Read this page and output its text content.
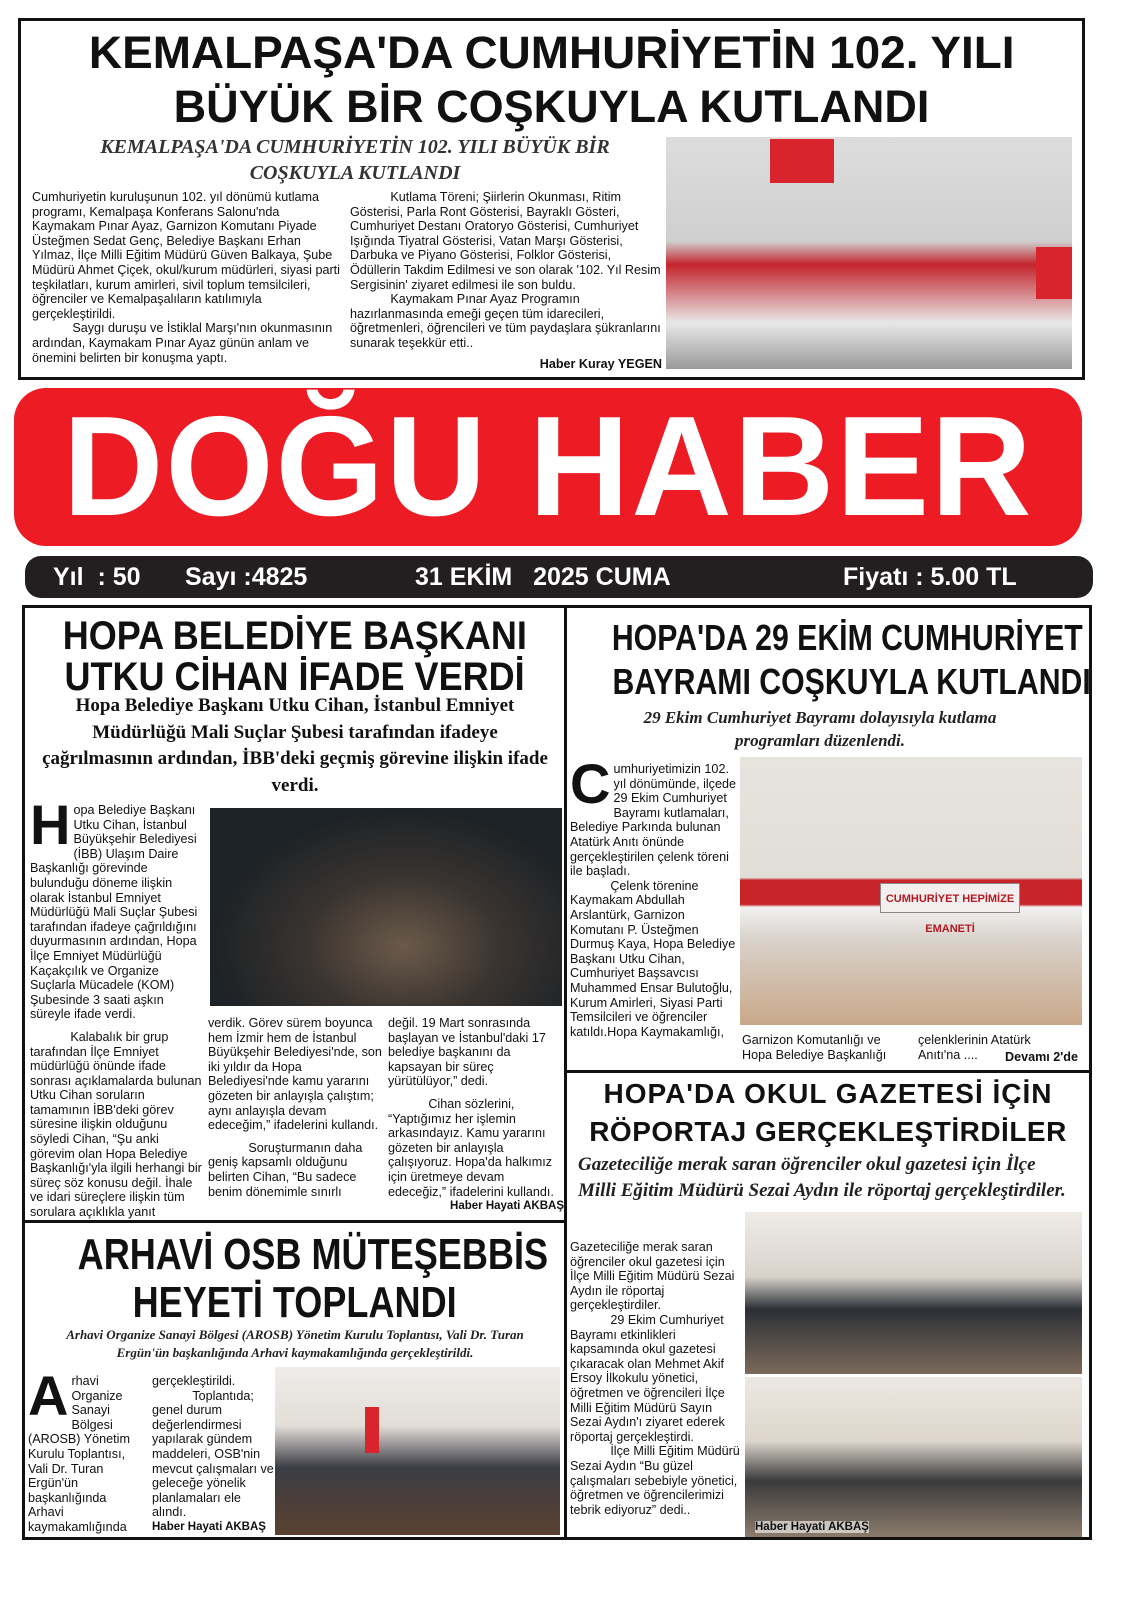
KEMALPAŞA'DA CUMHURİYETİN 102. YILI
BÜYÜK BİR COŞKUYLA KUTLANDI
KEMALPAŞA'DA CUMHURİYETİN 102. YILI BÜYÜK BİR COŞKUYLA KUTLANDI

Cumhuriyetin kuruluşunun 102. yıl dönümü kutlama programı, Kemalpaşa Konferans Salonu'nda Kaymakam Pınar Ayaz, Garnizon Komutanı Piyade Üsteğmen Sedat Genç, Belediye Başkanı Erhan Yılmaz, İlçe Milli Eğitim Müdürü Güven Balkaya, Şube Müdürü Ahmet Çiçek, okul/kurum müdürleri, siyasi parti teşkilatları, kurum amirleri, sivil toplum temsilcileri, öğrenciler ve Kemalpaşalıların katılımıyla gerçekleştirildi.

Saygı duruşu ve İstiklal Marşı'nın okunmasının ardından, Kaymakam Pınar Ayaz günün anlam ve önemini belirten bir konuşma yaptı.

Kutlama Töreni; Şiirlerin Okunması, Ritim Gösterisi, Parla Ront Gösterisi, Bayraklı Gösteri, Cumhuriyet Destanı Oratoryo Gösterisi, Cumhuriyet Işığında Tiyatral Gösterisi, Vatan Marşı Gösterisi, Darbuka ve Piyano Gösterisi, Folklor Gösterisi, Ödüllerin Takdim Edilmesi ve son olarak '102. Yıl Resim Sergisinin' ziyaret edilmesi ile son buldu.

Kaymakam Pınar Ayaz Programın hazırlanmasında emeği geçen tüm idarecileri, öğretmenleri, öğrencileri ve tüm paydaşlara şükranlarını sunarak teşekkür etti..

Haber Kuray YEGEN

DOĞU HABER
Yıl  : 50 Sayı :4825	31 EKİM   2025 CUMA	Fiyatı : 5.00 TL
HOPA BELEDİYE BAŞKANI
UTKU CİHAN İFADE VERDİ
Hopa Belediye Başkanı Utku Cihan, İstanbul Emniyet Müdürlüğü Mali Suçlar Şubesi tarafından ifadeye çağrılmasının ardından, İBB'deki geçmiş görevine ilişkin ifade verdi.

Hopa Belediye Başkanı Utku Cihan, İstanbul Büyükşehir Belediyesi (İBB) Ulaşım Daire Başkanlığı görevinde bulunduğu döneme ilişkin olarak İstanbul Emniyet Müdürlüğü Mali Suçlar Şubesi tarafından ifadeye çağrıldığını duyurmasının ardından, Hopa İlçe Emniyet Müdürlüğü Kaçakçılık ve Organize Suçlarla Mücadele (KOM) Şubesinde 3 saati aşkın süreyle ifade verdi.

Kalabalık bir grup tarafından İlçe Emniyet müdürlüğü önünde ifade sonrası açıklamalarda bulunan Utku Cihan soruların tamamının İBB'deki görev süresine ilişkin olduğunu söyledi Cihan, “Şu anki görevim olan Hopa Belediye Başkanlığı'yla ilgili herhangi bir süreç söz konusu değil. İhale ve idari süreçlere ilişkin tüm sorulara açıklıkla yanıt

verdik. Görev sürem boyunca hem İzmir hem de İstanbul Büyükşehir Belediyesi'nde, son iki yıldır da Hopa Belediyesi'nde kamu yararını gözeten bir anlayışla çalıştım; aynı anlayışla devam edeceğim,” ifadelerini kullandı.

Soruşturmanın daha geniş kapsamlı olduğunu belirten Cihan, “Bu sadece benim dönemimle sınırlı

değil. 19 Mart sonrasında başlayan ve İstanbul'daki 17 belediye başkanını da kapsayan bir süreç yürütülüyor,” dedi.

Cihan sözlerini, “Yaptığımız her işlemin arkasındayız. Kamu yararını gözeten bir anlayışla çalışıyoruz. Hopa'da halkımız için üretmeye devam edeceğiz,” ifadelerini kullandı.

Haber Hayati AKBAŞ

HOPA'DA 29 EKİM CUMHURİYET
BAYRAMI COŞKUYLA KUTLANDI
29 Ekim Cumhuriyet Bayramı dolayısıyla kutlama programları düzenlendi.

Cumhuriyetimizin 102. yıl dönümünde, ilçede 29 Ekim Cumhuriyet Bayramı kutlamaları, Belediye Parkında bulunan Atatürk Anıtı önünde gerçekleştirilen çelenk töreni ile başladı.

Çelenk törenine Kaymakam Abdullah Arslantürk, Garnizon Komutanı P. Üsteğmen Durmuş Kaya, Hopa Belediye Başkanı Utku Cihan, Cumhuriyet Başsavcısı Muhammed Ensar Bulutoğlu, Kurum Amirleri, Siyasi Parti Temsilcileri ve öğrenciler katıldı.Hopa Kaymakamlığı,

CUMHURİYET HEPİMİZE EMANETİ
Garnizon Komutanlığı ve Hopa Belediye Başkanlığı
çelenklerinin Atatürk Anıtı'na ....	Devamı 2'de
HOPA'DA OKUL GAZETESİ İÇİN
RÖPORTAJ GERÇEKLEŞTİRDİLER
Gazeteciliğe merak saran öğrenciler okul gazetesi için İlçe Milli Eğitim Müdürü Sezai Aydın ile röportaj gerçekleştirdiler.

Gazeteciliğe merak saran öğrenciler okul gazetesi için İlçe Milli Eğitim Müdürü Sezai Aydın ile röportaj gerçekleştirdiler.

29 Ekim Cumhuriyet Bayramı etkinlikleri kapsamında okul gazetesi çıkaracak olan Mehmet Akif Ersoy İlkokulu yönetici, öğretmen ve öğrencileri İlçe Milli Eğitim Müdürü Sayın Sezai Aydın'ı ziyaret ederek röportaj gerçekleştirdi.

İlçe Milli Eğitim Müdürü Sezai Aydın “Bu güzel çalışmaları sebebiyle yönetici, öğretmen ve öğrencilerimizi tebrik ediyoruz” dedi..

Haber Hayati AKBAŞ
ARHAVİ OSB MÜTEŞEBBİS
HEYETİ TOPLANDI
Arhavi Organize Sanayi Bölgesi (AROSB) Yönetim Kurulu Toplantısı, Vali Dr. Turan Ergün'ün başkanlığında Arhavi kaymakamlığında gerçekleştirildi.

Arhavi Organize Sanayi Bölgesi (AROSB) Yönetim Kurulu Toplantısı, Vali Dr. Turan Ergün'ün başkanlığında Arhavi kaymakamlığında

gerçekleştirildi.

Toplantıda; genel durum değerlendirmesi yapılarak gündem maddeleri, OSB'nin mevcut çalışmaları ve geleceğe yönelik planlamaları ele alındı.

Haber Hayati AKBAŞ
